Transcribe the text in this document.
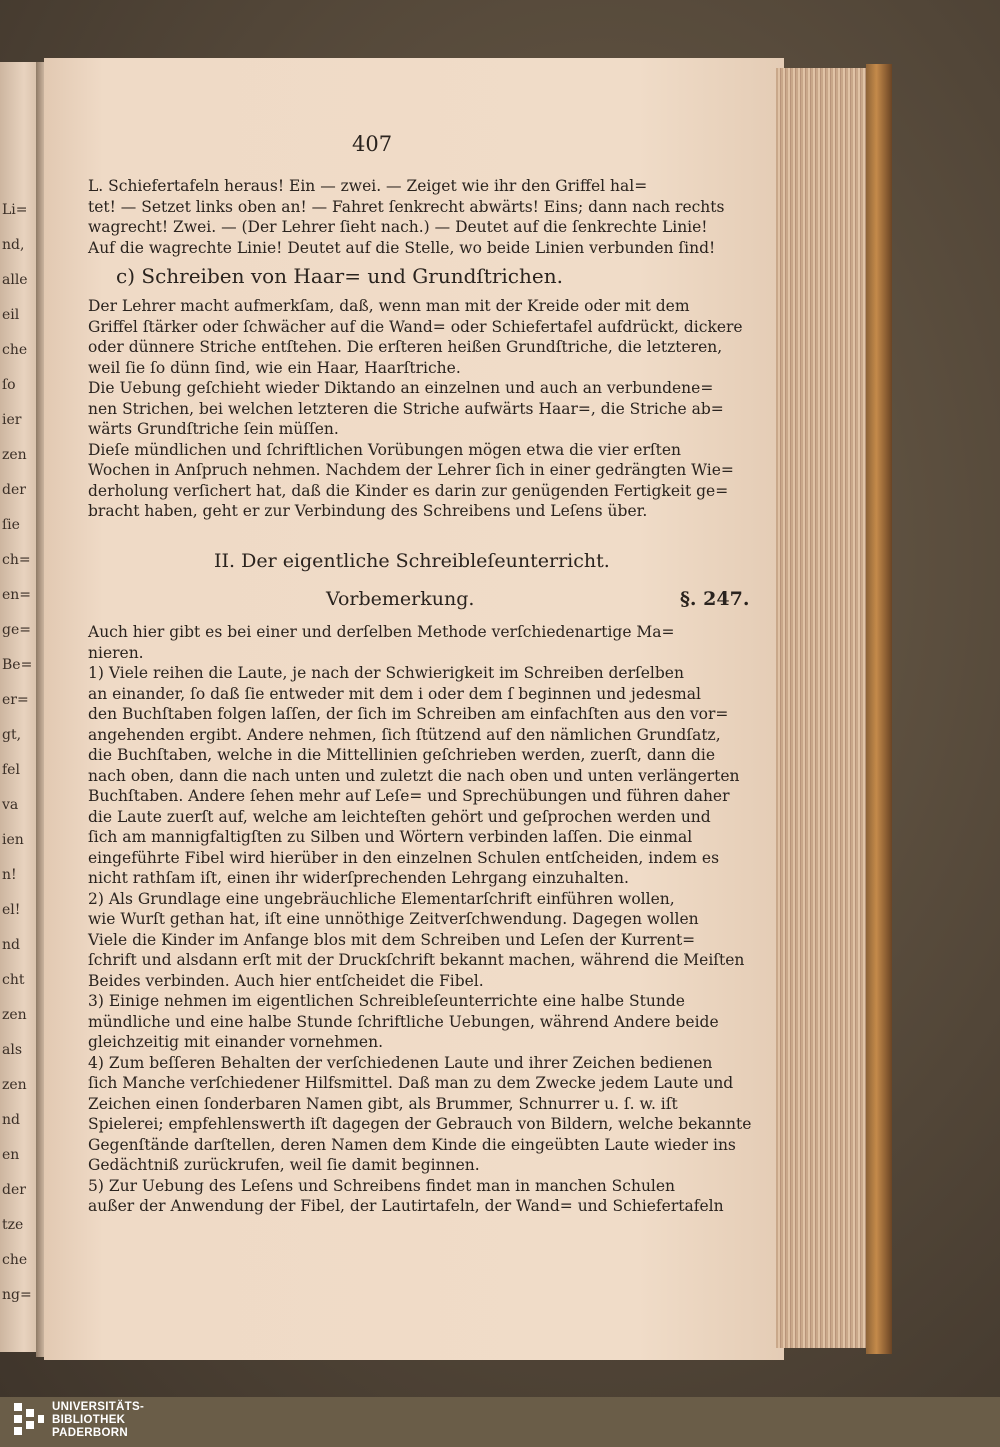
Li=
nd,
alle
eil
che
ſo
ier
zen
der
ſie
ch=
en=
ge=
Be=
er=
gt,
fel
va
ien
n!
el!
nd
cht
zen
als
zen
nd
en
der
tze
che
ng=
407
L. Schiefertafeln heraus! Ein — zwei. — Zeiget wie ihr den Griffel hal=
tet! — Setzet links oben an! — Fahret ſenkrecht abwärts! Eins; dann nach rechts
wagrecht! Zwei. — (Der Lehrer ſieht nach.) — Deutet auf die ſenkrechte Linie!
Auf die wagrechte Linie! Deutet auf die Stelle, wo beide Linien verbunden ſind!
c) Schreiben von Haar= und Grundſtrichen.
Der Lehrer macht aufmerkſam, daß, wenn man mit der Kreide oder mit dem
Griffel ſtärker oder ſchwächer auf die Wand= oder Schiefertafel aufdrückt, dickere
oder dünnere Striche entſtehen. Die erſteren heißen Grundſtriche, die letzteren,
weil ſie ſo dünn ſind, wie ein Haar, Haarſtriche.
Die Uebung geſchieht wieder Diktando an einzelnen und auch an verbundene=
nen Strichen, bei welchen letzteren die Striche aufwärts Haar=, die Striche ab=
wärts Grundſtriche ſein müſſen.
Dieſe mündlichen und ſchriftlichen Vorübungen mögen etwa die vier erſten
Wochen in Anſpruch nehmen. Nachdem der Lehrer ſich in einer gedrängten Wie=
derholung verſichert hat, daß die Kinder es darin zur genügenden Fertigkeit ge=
bracht haben, geht er zur Verbindung des Schreibens und Leſens über.
II. Der eigentliche Schreibleſeunterricht.
Vorbemerkung.	§. 247.
Auch hier gibt es bei einer und derſelben Methode verſchiedenartige Ma=
nieren.
1) Viele reihen die Laute, je nach der Schwierigkeit im Schreiben derſelben
an einander, ſo daß ſie entweder mit dem i oder dem ſ beginnen und jedesmal
den Buchſtaben folgen laſſen, der ſich im Schreiben am einfachſten aus den vor=
angehenden ergibt. Andere nehmen, ſich ſtützend auf den nämlichen Grundſatz,
die Buchſtaben, welche in die Mittellinien geſchrieben werden, zuerſt, dann die
nach oben, dann die nach unten und zuletzt die nach oben und unten verlängerten
Buchſtaben. Andere ſehen mehr auf Leſe= und Sprechübungen und führen daher
die Laute zuerſt auf, welche am leichteſten gehört und geſprochen werden und
ſich am mannigfaltigſten zu Silben und Wörtern verbinden laſſen. Die einmal
eingeführte Fibel wird hierüber in den einzelnen Schulen entſcheiden, indem es
nicht rathſam iſt, einen ihr widerſprechenden Lehrgang einzuhalten.
2) Als Grundlage eine ungebräuchliche Elementarſchrift einführen wollen,
wie Wurſt gethan hat, iſt eine unnöthige Zeitverſchwendung. Dagegen wollen
Viele die Kinder im Anfange blos mit dem Schreiben und Leſen der Kurrent=
ſchrift und alsdann erſt mit der Druckſchrift bekannt machen, während die Meiſten
Beides verbinden. Auch hier entſcheidet die Fibel.
3) Einige nehmen im eigentlichen Schreibleſeunterrichte eine halbe Stunde
mündliche und eine halbe Stunde ſchriftliche Uebungen, während Andere beide
gleichzeitig mit einander vornehmen.
4) Zum beſſeren Behalten der verſchiedenen Laute und ihrer Zeichen bedienen
ſich Manche verſchiedener Hilfsmittel. Daß man zu dem Zwecke jedem Laute und
Zeichen einen ſonderbaren Namen gibt, als Brummer, Schnurrer u. ſ. w. iſt
Spielerei; empfehlenswerth iſt dagegen der Gebrauch von Bildern, welche bekannte
Gegenſtände darſtellen, deren Namen dem Kinde die eingeübten Laute wieder ins
Gedächtniß zurückrufen, weil ſie damit beginnen.
5) Zur Uebung des Leſens und Schreibens findet man in manchen Schulen
außer der Anwendung der Fibel, der Lautirtafeln, der Wand= und Schiefertafeln
UNIVERSITÄTS-
BIBLIOTHEK
PADERBORN
